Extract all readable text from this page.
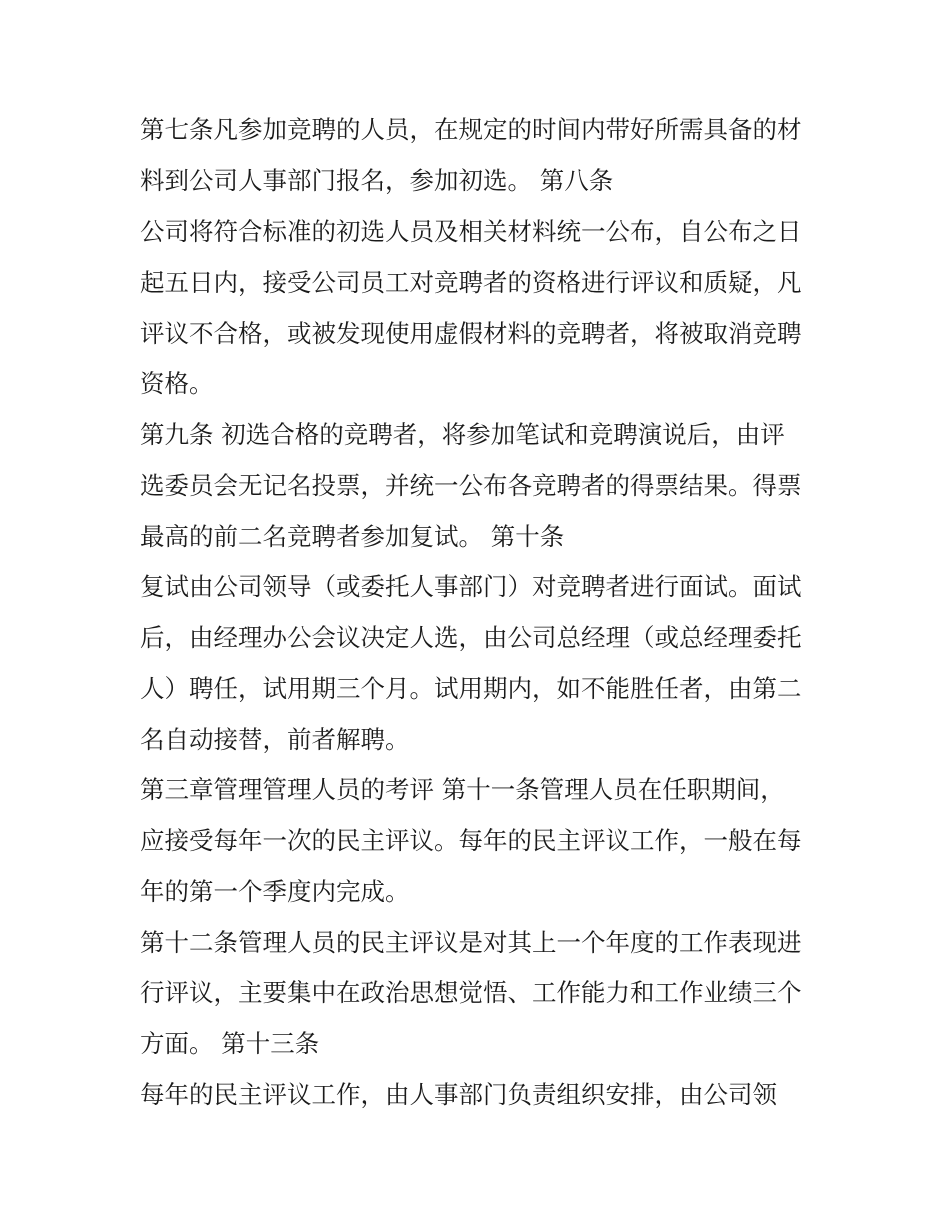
第七条凡参加竞聘的人员，在规定的时间内带好所需具备的材

料到公司人事部门报名，参加初选。 第八条

公司将符合标准的初选人员及相关材料统一公布，自公布之日

起五日内，接受公司员工对竞聘者的资格进行评议和质疑，凡

评议不合格，或被发现使用虚假材料的竞聘者，将被取消竞聘

资格。

第九条 初选合格的竞聘者，将参加笔试和竞聘演说后，由评

选委员会无记名投票，并统一公布各竞聘者的得票结果。得票

最高的前二名竞聘者参加复试。 第十条

复试由公司领导（或委托人事部门）对竞聘者进行面试。面试

后，由经理办公会议决定人选，由公司总经理（或总经理委托

人）聘任，试用期三个月。试用期内，如不能胜任者，由第二

名自动接替，前者解聘。

第三章管理管理人员的考评 第十一条管理人员在任职期间，

应接受每年一次的民主评议。每年的民主评议工作，一般在每

年的第一个季度内完成。

第十二条管理人员的民主评议是对其上一个年度的工作表现进

行评议，主要集中在政治思想觉悟、工作能力和工作业绩三个

方面。 第十三条

每年的民主评议工作，由人事部门负责组织安排，由公司领
